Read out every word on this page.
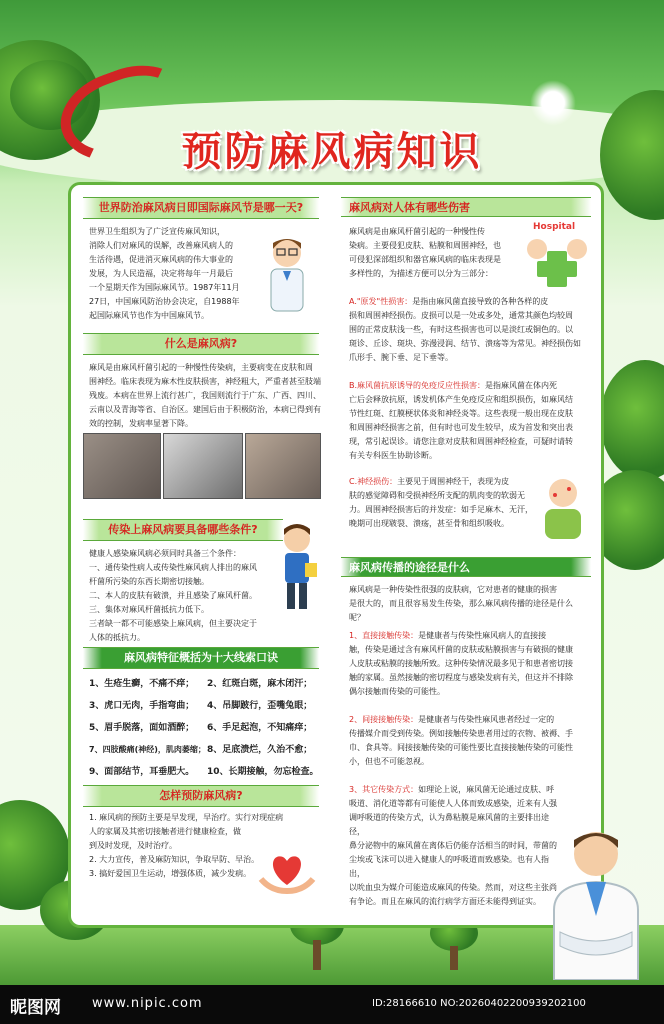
预防麻风病知识
世界防治麻风病日即国际麻风节是哪一天?
世界卫生组织为了广泛宣传麻风知识，
消除人们对麻风的误解，改善麻风病人的
生活待遇，促进消灭麻风病的伟大事业的
发展，为人民造福，决定将每年一月最后
一个星期天作为国际麻风节。1987年11月
27日，中国麻风防治协会决定，自1988年
起国际麻风节也作为中国麻风节。
什么是麻风病?
麻风是由麻风杆菌引起的一种慢性传染病，主要病变在皮肤和周
围神经。临床表现为麻木性皮肤损害，神经粗大，严重者甚至肢端
残废。本病在世界上流行甚广，我国则流行于广东、广西、四川、
云南以及青海等省、自治区。建国后由于积极防治，本病已得到有
效的控制，发病率显著下降。
传染上麻风病要具备哪些条件?
健康人感染麻风病必须同时具备三个条件：
一、通传染性病人或传染性麻风病人排出的麻风
杆菌所污染的东西长期密切接触。
二、本人的皮肤有破溃，并且感染了麻风杆菌。
三、集体对麻风杆菌抵抗力低下。
三者缺一都不可能感染上麻风病，但主要决定于
人体的抵抗力。
麻风病特征概括为十大线索口诀
1、生疮生癣，不痛不痒； 2、红斑白斑，麻木闭汗；
3、虎口无肉，手指弯曲； 4、吊脚跛行，歪嘴兔眼；
5、眉手脱落，面如酒醉； 6、手足起泡，不知痛痒；
7、四肢酸痛(神经)，肌肉萎缩；8、足底溃烂，久治不愈；
9、面部结节，耳垂肥大。 10、长期接触，勿忘检查。
怎样预防麻风病?
1. 麻风病的预防主要是早发现，早治疗。实行对现症病
人的家属及其密切接触者进行健康检查，做
到及时发现，及时治疗。
2. 大力宣传，普及麻防知识，争取早防、早治。
3. 搞好爱国卫生运动，增强体质，减少发病。
麻风病对人体有哪些伤害
麻风病是由麻风杆菌引起的一种慢性传
染病。主要侵犯皮肤、粘膜和周围神经，也
可侵犯深部组织和器官麻风病的临床表现是
多样性的，为描述方便可以分为三部分：
Hospital
A."原发"性损害：是指由麻风菌直接导致的各种各样的皮
损和周围神经损伤。皮损可以是一处或多处，通常其颜色均较周
围的正常皮肤浅一些，有时这些损害也可以是淡红或铜色的。以
斑诊、丘诊、斑块、弥漫浸润、结节、溃疡等为常见。神经损伤如
爪形手、腕下垂、足下垂等。
B.麻风菌抗原诱导的免疫反应性损害：是指麻风菌在体内死
亡后会释放抗原，诱发机体产生免疫反应和组织损伤，如麻风结
节性红斑、红膜梗状体炎和神经炎等。这些表现一般出现在皮肤
和周围神经损害之前，但有时也可发生较早，成为首发和突出表
现，常引起误诊。请您注意对皮肤和周围神经检查，可疑时请转
有关专科医生协助诊断。
C.神经损伤：主要见于周围神经干，表现为皮
肤的感觉障碍和受损神经所支配的肌肉变的软弱无
力。周围神经损害后的并发症：如手足麻木、无汗，
晚期可出现皲裂、溃疡，甚至骨和组织吸收。
麻风病传播的途径是什么
麻风病是一种传染性很强的皮肤病，它对患者的健康的损害
是很大的，而且很容易发生传染，那么麻风病传播的途径是什么
呢？
1、直接接触传染：是健康者与传染性麻风病人的直接接
触，传染是通过含有麻风杆菌的皮肤或粘膜损害与有破损的健康
人皮肤或粘膜的接触所致。这种传染情况最多见于和患者密切接
触的家属。虽然接触的密切程度与感染发病有关，但这并不排除
偶尔接触而传染的可能性。
2、间接接触传染：是健康者与传染性麻风患者经过一定的
传播媒介而受到传染。例如接触传染患者用过的衣物、被褥、手
巾、食具等。间接接触传染的可能性要比直接接触传染的可能性
小，但也不可能忽视。
3、其它传染方式：如理论上说，麻风菌无论通过皮肤、呼
吸道、消化道等都有可能使人人体而致成感染，近来有人强
调呼吸道的传染方式，认为鼻粘膜是麻风菌的主要排出途径，
鼻分泌物中的麻风菌在离体后仍能存活相当的时间，带菌的
尘埃或飞沫可以进入健康人的呼吸道而致感染。也有人指出，
以吮血虫为媒介可能造成麻风的传染。然而，对这些主张尚
有争论。而且在麻风的流行病学方面还未能得到证实。
昵图网 www.nipic.com	ID:28166610 NO:20260402200939202100
